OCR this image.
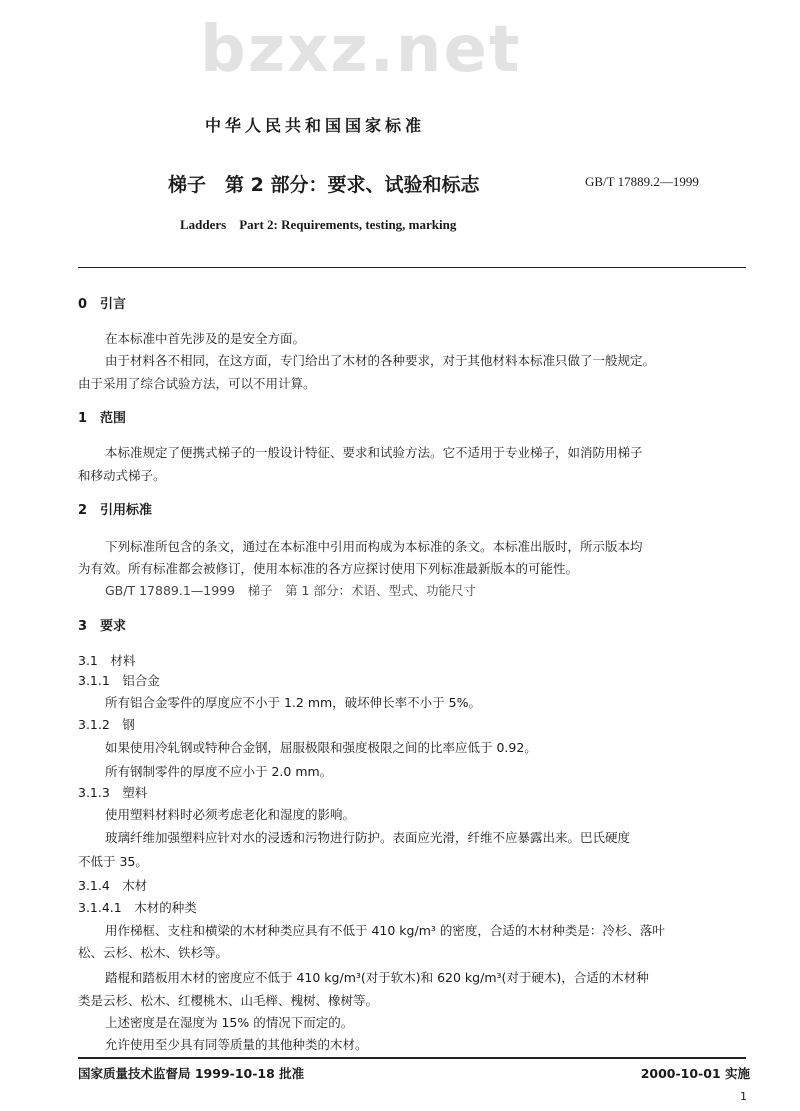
bzxz.net
中华人民共和国国家标准
梯子　第 2 部分：要求、试验和标志	GB/T 17889.2—1999
Ladders　Part 2: Requirements, testing, marking
0　引言
在本标准中首先涉及的是安全方面。
由于材料各不相同，在这方面，专门给出了木材的各种要求，对于其他材料本标准只做了一般规定。
由于采用了综合试验方法，可以不用计算。
1　范围
本标准规定了便携式梯子的一般设计特征、要求和试验方法。它不适用于专业梯子，如消防用梯子
和移动式梯子。
2　引用标准
下列标准所包含的条文，通过在本标准中引用而构成为本标准的条文。本标准出版时，所示版本均
为有效。所有标准都会被修订，使用本标准的各方应探讨使用下列标准最新版本的可能性。
GB/T 17889.1—1999　梯子　第 1 部分：术语、型式、功能尺寸
3　要求
3.1　材料
3.1.1　铝合金
所有铝合金零件的厚度应不小于 1.2 mm，破坏伸长率不小于 5%。
3.1.2　钢
如果使用冷轧钢或特种合金钢，屈服极限和强度极限之间的比率应低于 0.92。
所有钢制零件的厚度不应小于 2.0 mm。
3.1.3　塑料
使用塑料材料时必须考虑老化和湿度的影响。
玻璃纤维加强塑料应针对水的浸透和污物进行防护。表面应光滑，纤维不应暴露出来。巴氏硬度
不低于 35。
3.1.4　木材
3.1.4.1　木材的种类
用作梯框、支柱和横梁的木材种类应具有不低于 410 kg/m³ 的密度，合适的木材种类是：冷杉、落叶
松、云杉、松木、铁杉等。
踏棍和踏板用木材的密度应不低于 410 kg/m³(对于软木)和 620 kg/m³(对于硬木)，合适的木材种
类是云杉、松木、红樱桃木、山毛榉、槐树、橡树等。
上述密度是在湿度为 15% 的情况下而定的。
允许使用至少具有同等质量的其他种类的木材。
国家质量技术监督局 1999-10-18 批准	2000-10-01 实施
1
